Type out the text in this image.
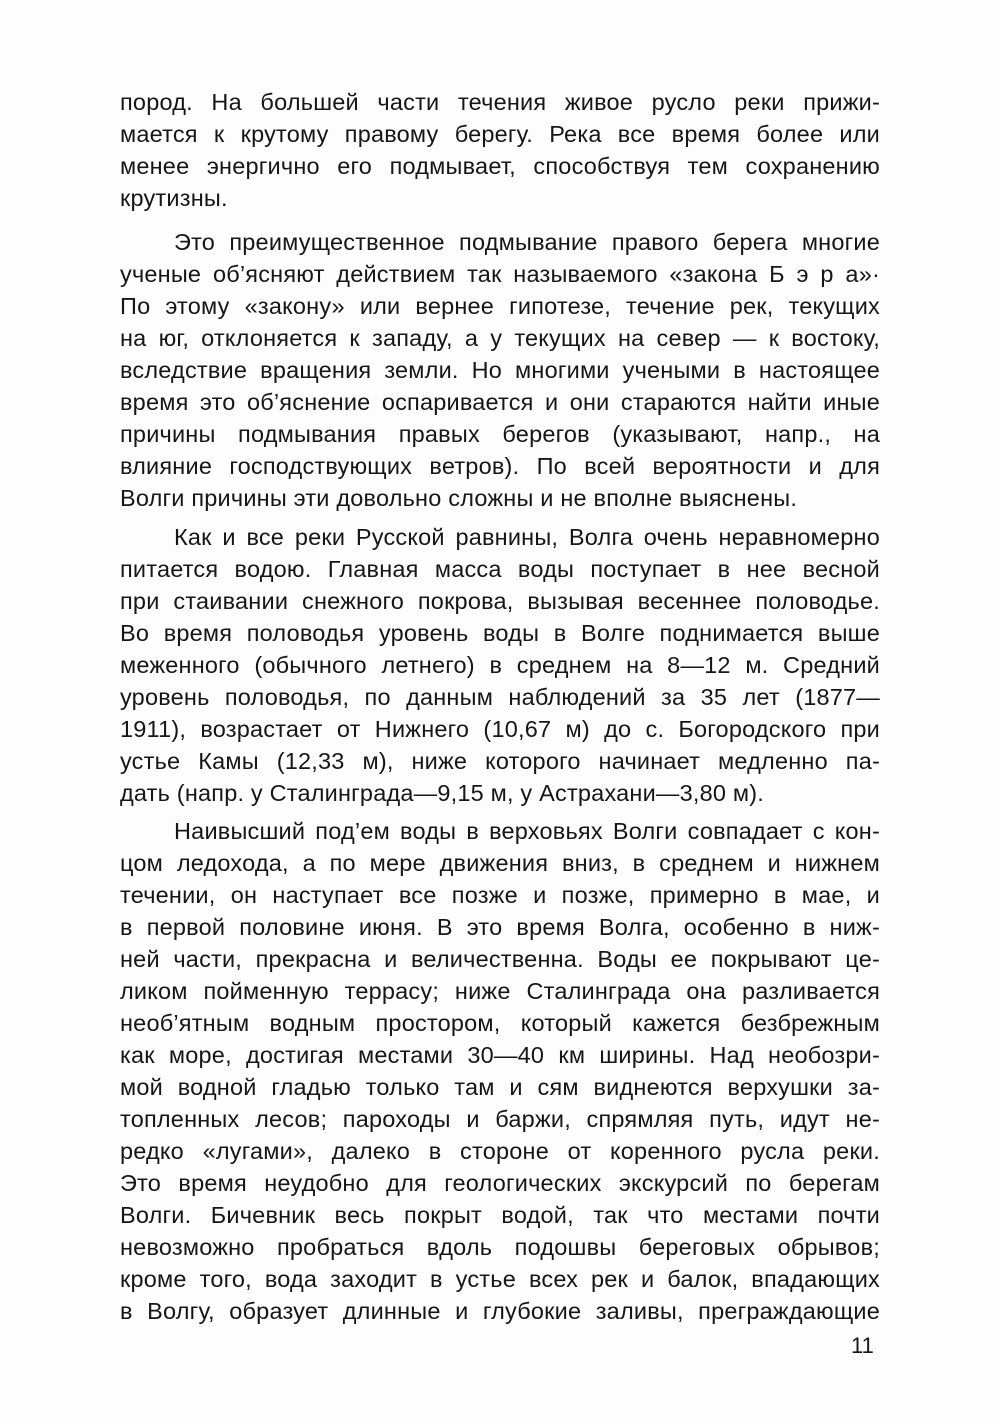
пород. На большей части течения живое русло реки прижи-
мается к крутому правому берегу. Река все время более или
менее энергично его подмывает, способствуя тем сохранению
крутизны.
Это преимущественное подмывание правого берега многие
ученые об’ясняют действием так называемого «закона Б э р а»·
По этому «закону» или вернее гипотезе, течение рек, текущих
на юг, отклоняется к западу, а у текущих на север — к востоку,
вследствие вращения земли. Но многими учеными в настоящее
время это об’яснение оспаривается и они стараются найти иные
причины подмывания правых берегов (указывают, напр., на
влияние господствующих ветров). По всей вероятности и для
Волги причины эти довольно сложны и не вполне выяснены.
Как и все реки Русской равнины, Волга очень неравномерно
питается водою. Главная масса воды поступает в нее весной
при стаивании снежного покрова, вызывая весеннее половодье.
Во время половодья уровень воды в Волге поднимается выше
меженного (обычного летнего) в среднем на 8—12 м. Средний
уровень половодья, по данным наблюдений за 35 лет (1877—
1911), возрастает от Нижнего (10,67 м) до с. Богородского при
устье Камы (12,33 м), ниже которого начинает медленно па-
дать (напр. у Сталинграда—9,15 м, у Астрахани—3,80 м).
Наивысший под’ем воды в верховьях Волги совпадает с кон-
цом ледохода, а по мере движения вниз, в среднем и нижнем
течении, он наступает все позже и позже, примерно в мае, и
в первой половине июня. В это время Волга, особенно в ниж-
ней части, прекрасна и величественна. Воды ее покрывают це-
ликом пойменную террасу; ниже Сталинграда она разливается
необ’ятным водным простором, который кажется безбрежным
как море, достигая местами 30—40 км ширины. Над необозри-
мой водной гладью только там и сям виднеются верхушки за-
топленных лесов; пароходы и баржи, спрямляя путь, идут не-
редко «лугами», далеко в стороне от коренного русла реки.
Это время неудобно для геологических экскурсий по берегам
Волги. Бичевник весь покрыт водой, так что местами почти
невозможно пробраться вдоль подошвы береговых обрывов;
кроме того, вода заходит в устье всех рек и балок, впадающих
в Волгу, образует длинные и глубокие заливы, преграждающие
11
